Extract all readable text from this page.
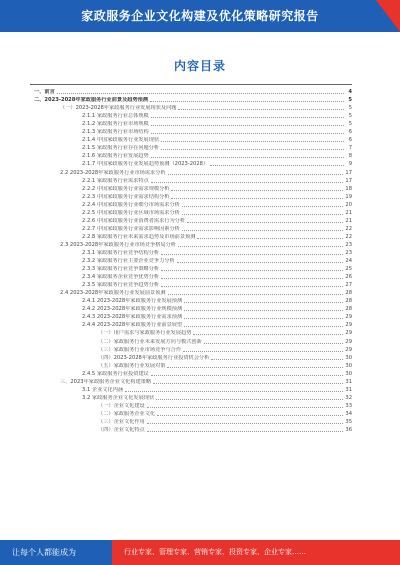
家政服务企业文化构建及优化策略研究报告
内容目录
一、前言	4
二、2023-2028年家政服务行业前景及趋势预测	5
（一）2023-2028年家政服务行业发展现状及问题	5
2.1.1 家政服务行业总体规模	5
2.1.2 家政服务行业市场规模	5
2.1.3 家政服务行业市场结构	6
2.1.4 中国家政服务行业发展现状	6
2.1.5 家政服务行业存在问题分析	7
2.1.6 家政服务行业发展趋势	8
2.1.7 中国家政服务行业发展趋势预测（2023-2028）	9
2.2 2023-2028年家政服务行业市场需求分析	17
2.2.1 家政服务行业需求特点	17
2.2.2 中国家政服务行业需求规模分析	18
2.2.3 中国家政服务行业需求结构分析	19
2.2.4 中国家政服务行业细分市场需求分析	20
2.2.5 中国家政服务行业区域市场需求分析	21
2.2.6 中国家政服务行业消费者需求行为分析	21
2.2.7 中国家政服务行业需求影响因素分析	22
2.2.8 家政服务行业未来需求趋势及市场前景预测	22
2.3 2023-2028年家政服务行业市场竞争格局分析	23
2.3.1 家政服务行业竞争结构分析	23
2.3.2 家政服务行业主要企业竞争力分析	24
2.3.3 家政服务行业竞争策略分析	25
2.3.4 家政服务企业竞争优势分析	26
2.3.5 家政服务行业竞争趋势分析	27
2.4 2023-2028年家政服务行业发展前景预测	28
2.4.1 2023-2028年家政服务行业发展预测	28
2.4.2 2023-2028年家政服务行业规模预测	28
2.4.3 2023-2028年家政服务行业需求预测	29
2.4.4 2023-2028年家政服务行业前景展望	29
（一）用户需求与家政服务行业发展趋势	29
（二）家政服务行业未来发展方向与模式创新	29
（三）家政服务行业市场竞争与合作	29
（四）2023-2028年家政服务行业投资机会分析	30
（五）家政服务行业发展对策	30
2.4.5 家政服务行业投资建议	30
三、2023年家政服务企业文化构建策略	31
3.1 企业文化内涵	31
3.2 家政服务企业文化发展现状	32
（一）企业文化建设	33
（二）家政服务企业文化	34
（三）企业文化作用	35
（四）企业文化特点	36
让每个人都能成为	行业专家、管理专家、营销专家、投资专家、企业专家……
